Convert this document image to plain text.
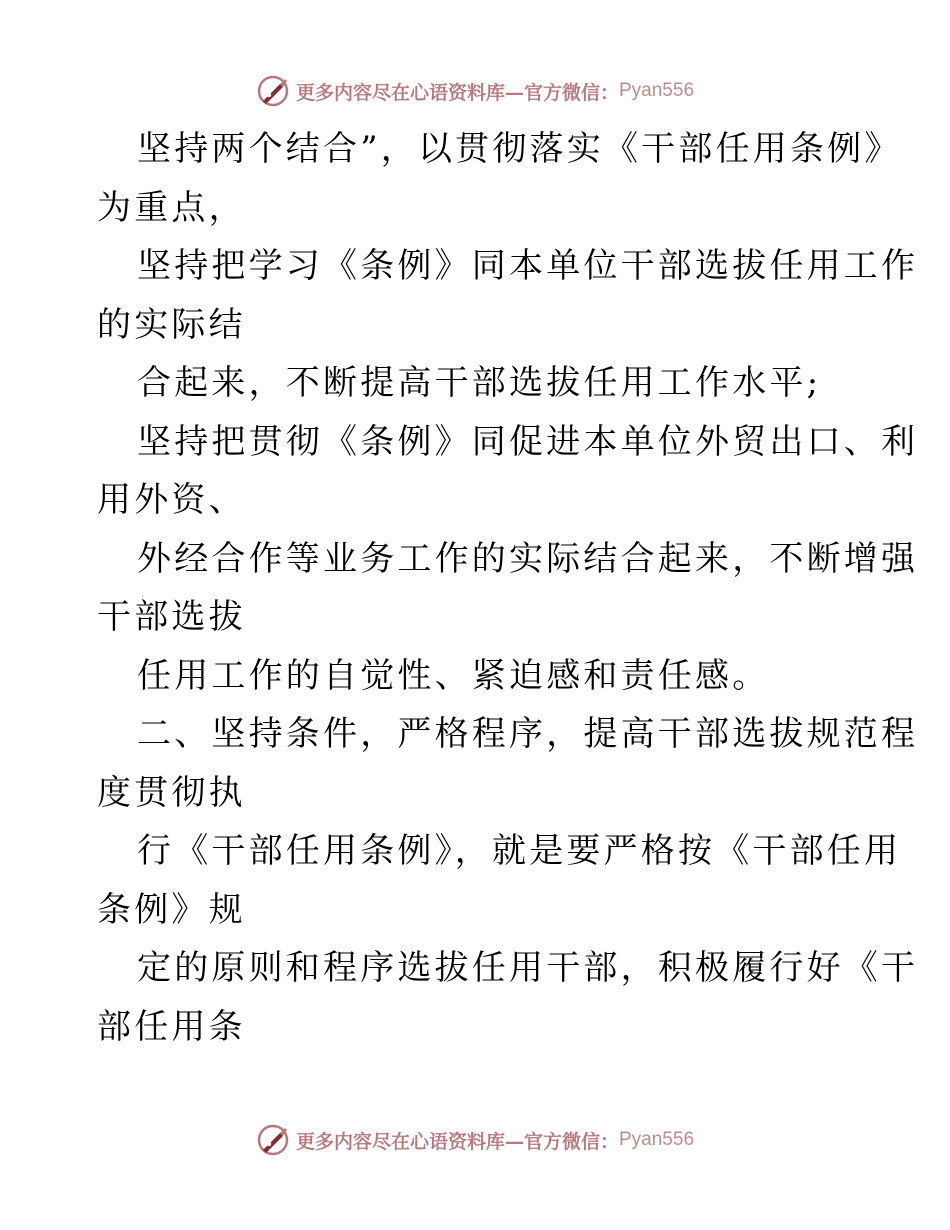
更多内容尽在心语资料库—官方微信： Pyan556
坚持两个结合”，以贯彻落实《干部任用条例》
为重点，
坚持把学习《条例》同本单位干部选拔任用工作
的实际结
合起来，不断提高干部选拔任用工作水平;
坚持把贯彻《条例》同促进本单位外贸出口、利
用外资、
外经合作等业务工作的实际结合起来，不断增强
干部选拔
任用工作的自觉性、紧迫感和责任感。
二、坚持条件，严格程序，提高干部选拔规范程
度贯彻执
行《干部任用条例》，就是要严格按《干部任用
条例》规
定的原则和程序选拔任用干部，积极履行好《干
部任用条
更多内容尽在心语资料库—官方微信： Pyan556
